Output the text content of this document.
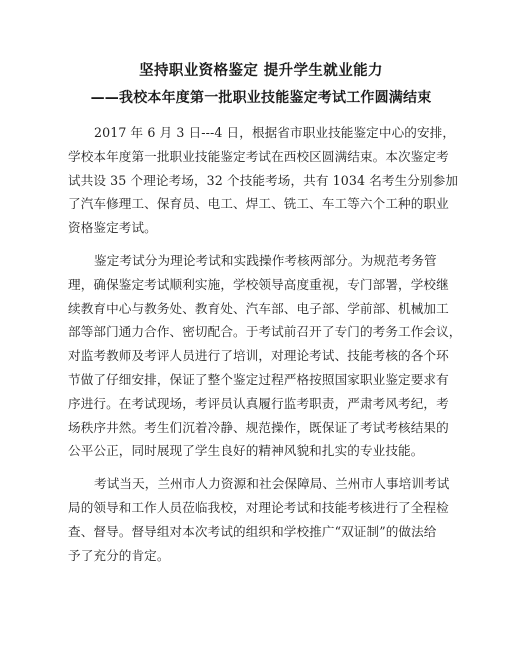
坚持职业资格鉴定 提升学生就业能力
——我校本年度第一批职业技能鉴定考试工作圆满结束

2017 年 6 月 3 日---4 日，根据省市职业技能鉴定中心的安排，
学校本年度第一批职业技能鉴定考试在西校区圆满结束。本次鉴定考
试共设 35 个理论考场，32 个技能考场，共有 1034 名考生分别参加
了汽车修理工、保育员、电工、焊工、铣工、车工等六个工种的职业
资格鉴定考试。

鉴定考试分为理论考试和实践操作考核两部分。为规范考务管
理，确保鉴定考试顺利实施，学校领导高度重视，专门部署，学校继
续教育中心与教务处、教育处、汽车部、电子部、学前部、机械加工
部等部门通力合作、密切配合。于考试前召开了专门的考务工作会议，
对监考教师及考评人员进行了培训，对理论考试、技能考核的各个环
节做了仔细安排，保证了整个鉴定过程严格按照国家职业鉴定要求有
序进行。在考试现场，考评员认真履行监考职责，严肃考风考纪，考
场秩序井然。考生们沉着冷静、规范操作，既保证了考试考核结果的
公平公正，同时展现了学生良好的精神风貌和扎实的专业技能。

考试当天，兰州市人力资源和社会保障局、兰州市人事培训考试
局的领导和工作人员莅临我校，对理论考试和技能考核进行了全程检
查、督导。督导组对本次考试的组织和学校推广“双证制”的做法给
予了充分的肯定。
